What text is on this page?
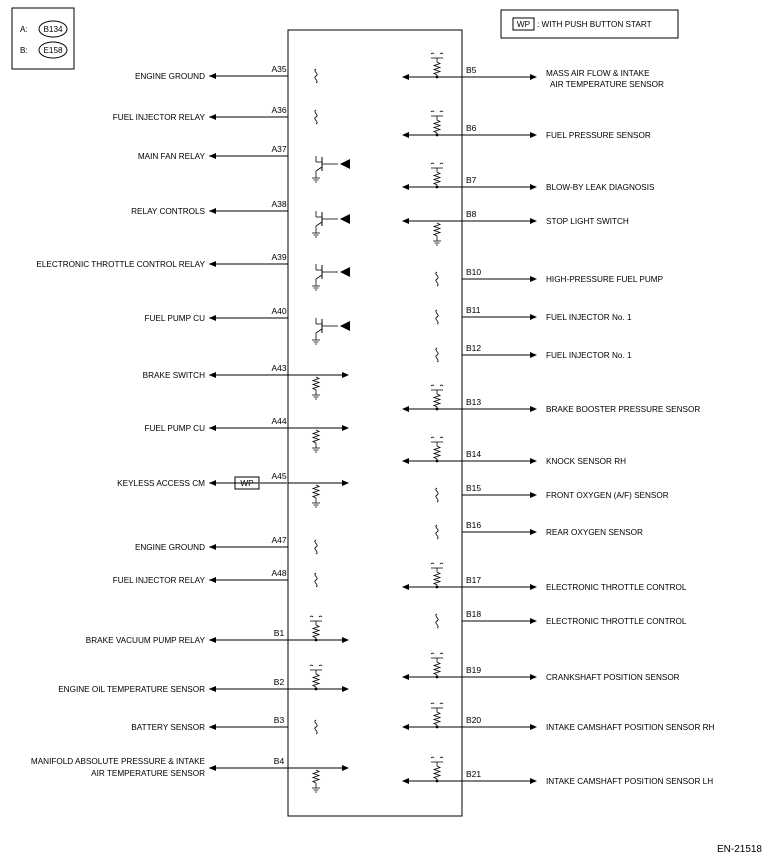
A: B134
B: E158
WP : WITH PUSH BUTTON START
EN-21518
A35
ENGINE GROUND
A36
FUEL INJECTOR RELAY
A37
MAIN FAN RELAY
A38
RELAY CONTROLS
A39
ELECTRONIC THROTTLE CONTROL RELAY
A40
FUEL PUMP CU
A43
BRAKE SWITCH
A44
FUEL PUMP CU
A45
WP
KEYLESS ACCESS CM
A47
ENGINE GROUND
A48
FUEL INJECTOR RELAY
B1
BRAKE VACUUM PUMP RELAY
B2
ENGINE OIL TEMPERATURE SENSOR
B3
BATTERY SENSOR
B4
MANIFOLD ABSOLUTE PRESSURE & INTAKE
AIR TEMPERATURE SENSOR
B5	MASS AIR FLOW & INTAKE
AIR TEMPERATURE SENSOR
B6
FUEL PRESSURE SENSOR
B7
BLOW-BY LEAK DIAGNOSIS
B8
STOP LIGHT SWITCH
B10
HIGH-PRESSURE FUEL PUMP
B11
FUEL INJECTOR No. 1
B12
FUEL INJECTOR No. 1
B13
BRAKE BOOSTER PRESSURE SENSOR
B14
KNOCK SENSOR RH
B15
FRONT OXYGEN (A/F) SENSOR
B16
REAR OXYGEN SENSOR
B17
ELECTRONIC THROTTLE CONTROL
B18
ELECTRONIC THROTTLE CONTROL
B19
CRANKSHAFT POSITION SENSOR
B20
INTAKE CAMSHAFT POSITION SENSOR RH
B21
INTAKE CAMSHAFT POSITION SENSOR LH
